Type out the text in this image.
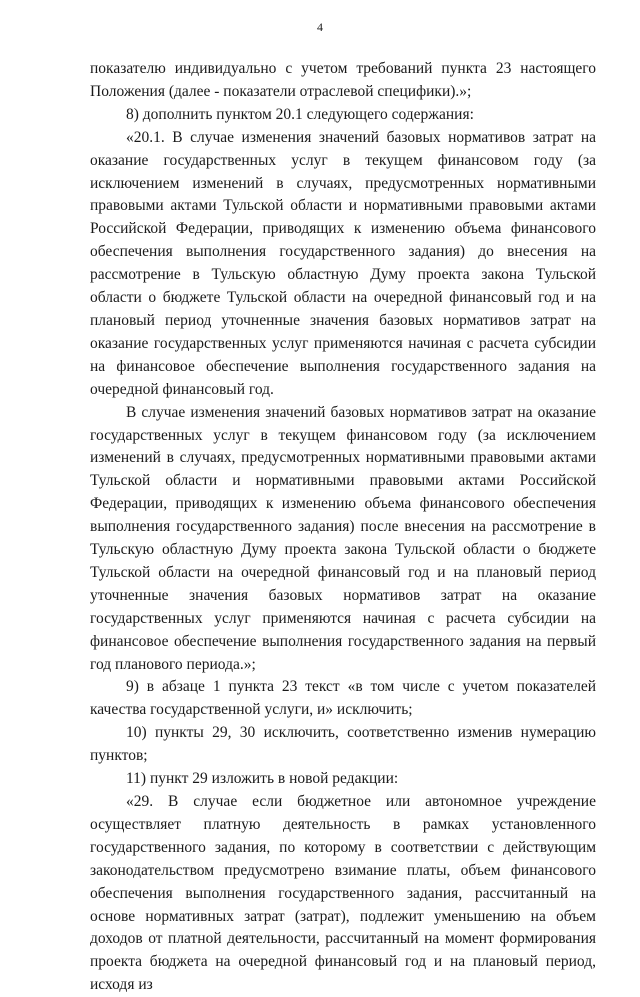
4

показателю индивидуально с учетом требований пункта 23 настоящего Положения (далее - показатели отраслевой специфики).»;

8) дополнить пунктом 20.1 следующего содержания:

«20.1. В случае изменения значений базовых нормативов затрат на оказание государственных услуг в текущем финансовом году (за исключением изменений в случаях, предусмотренных нормативными правовыми актами Тульской области и нормативными правовыми актами Российской Федерации, приводящих к изменению объема финансового обеспечения выполнения государственного задания) до внесения на рассмотрение в Тульскую областную Думу проекта закона Тульской области о бюджете Тульской области на очередной финансовый год и на плановый период уточненные значения базовых нормативов затрат на оказание государственных услуг применяются начиная с расчета субсидии на финансовое обеспечение выполнения государственного задания на очередной финансовый год.

В случае изменения значений базовых нормативов затрат на оказание государственных услуг в текущем финансовом году (за исключением изменений в случаях, предусмотренных нормативными правовыми актами Тульской области и нормативными правовыми актами Российской Федерации, приводящих к изменению объема финансового обеспечения выполнения государственного задания) после внесения на рассмотрение в Тульскую областную Думу проекта закона Тульской области о бюджете Тульской области на очередной финансовый год и на плановый период уточненные значения базовых нормативов затрат на оказание государственных услуг применяются начиная с расчета субсидии на финансовое обеспечение выполнения государственного задания на первый год планового периода.»;

9) в абзаце 1 пункта 23 текст «в том числе с учетом показателей качества государственной услуги, и» исключить;

10) пункты 29, 30 исключить, соответственно изменив нумерацию пунктов;

11) пункт 29 изложить в новой редакции:

«29. В случае если бюджетное или автономное учреждение осуществляет платную деятельность в рамках установленного государственного задания, по которому в соответствии с действующим законодательством предусмотрено взимание платы, объем финансового обеспечения выполнения государственного задания, рассчитанный на основе нормативных затрат (затрат), подлежит уменьшению на объем доходов от платной деятельности, рассчитанный на момент формирования проекта бюджета на очередной финансовый год и на плановый период, исходя из
